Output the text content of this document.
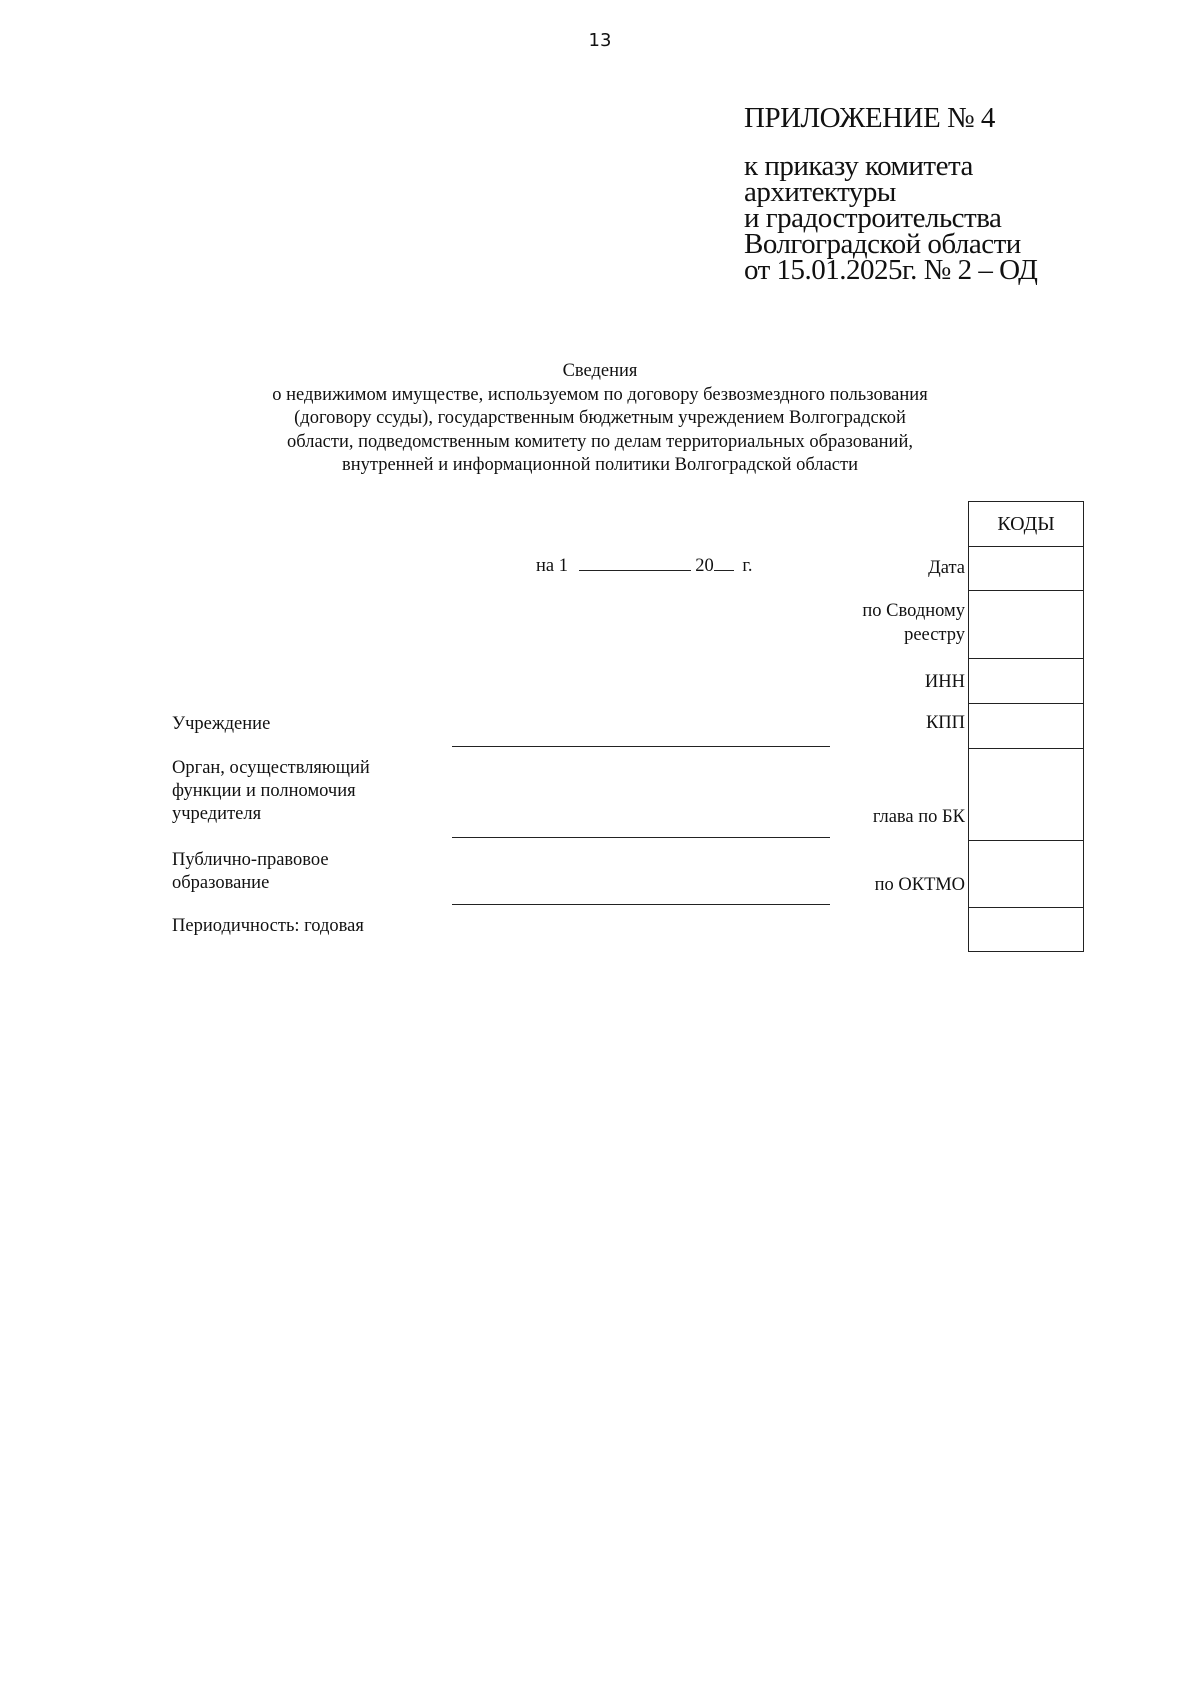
13
ПРИЛОЖЕНИЕ № 4
к приказу комитета
архитектуры
и градостроительства
Волгоградской области
от 15.01.2025г. № 2 – ОД
Сведения
о недвижимом имуществе, используемом по договору безвозмездного пользования
(договору ссуды), государственным бюджетным учреждением Волгоградской
области, подведомственным комитету по делам территориальных образований,
внутренней и информационной политики Волгоградской области
на 1	20 г.	Дата
по Сводному реестру
ИНН
КПП
глава по БК
по ОКТМО
КОДЫ
Учреждение
Орган, осуществляющий функции и полномочия учредителя
Публично-правовое образование
Периодичность: годовая
